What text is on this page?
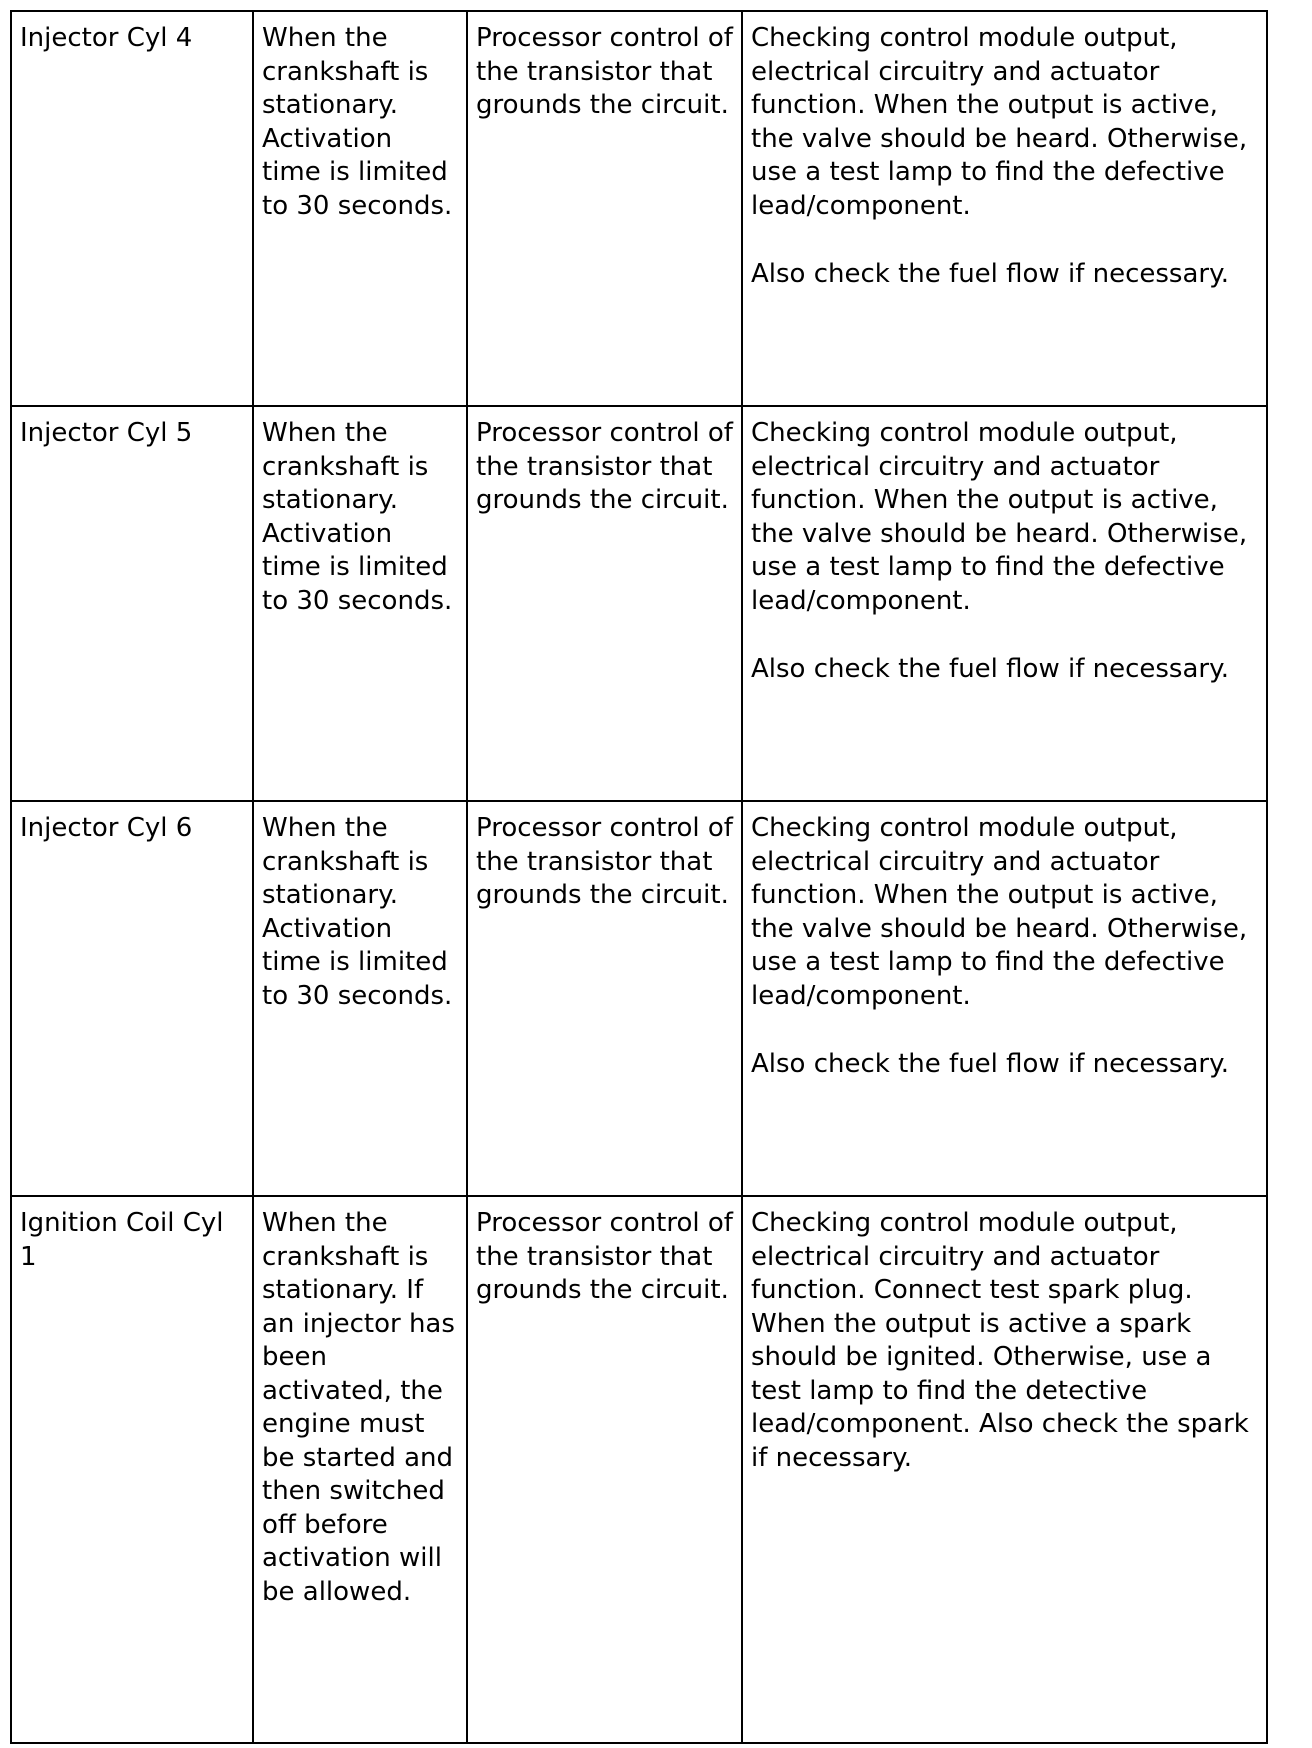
Injector Cyl 4	When the crankshaft is stationary. Activation time is limited to 30 seconds.	Processor control of the transistor that grounds the circuit.	Checking control module output, electrical circuitry and actuator function. When the output is active, the valve should be heard. Otherwise, use a test lamp to find the defective lead/component.
Also check the fuel flow if necessary.

Injector Cyl 5	When the crankshaft is stationary. Activation time is limited to 30 seconds.	Processor control of the transistor that grounds the circuit.	Checking control module output, electrical circuitry and actuator function. When the output is active, the valve should be heard. Otherwise, use a test lamp to find the defective lead/component.
Also check the fuel flow if necessary.

Injector Cyl 6	When the crankshaft is stationary. Activation time is limited to 30 seconds.	Processor control of the transistor that grounds the circuit.	Checking control module output, electrical circuitry and actuator function. When the output is active, the valve should be heard. Otherwise, use a test lamp to find the defective lead/component.
Also check the fuel flow if necessary.

Ignition Coil Cyl 1	When the crankshaft is stationary. If an injector has been activated, the engine must be started and then switched off before activation will be allowed.	Processor control of the transistor that grounds the circuit.	Checking control module output, electrical circuitry and actuator function. Connect test spark plug. When the output is active a spark should be ignited. Otherwise, use a test lamp to find the detective lead/component. Also check the spark if necessary.
